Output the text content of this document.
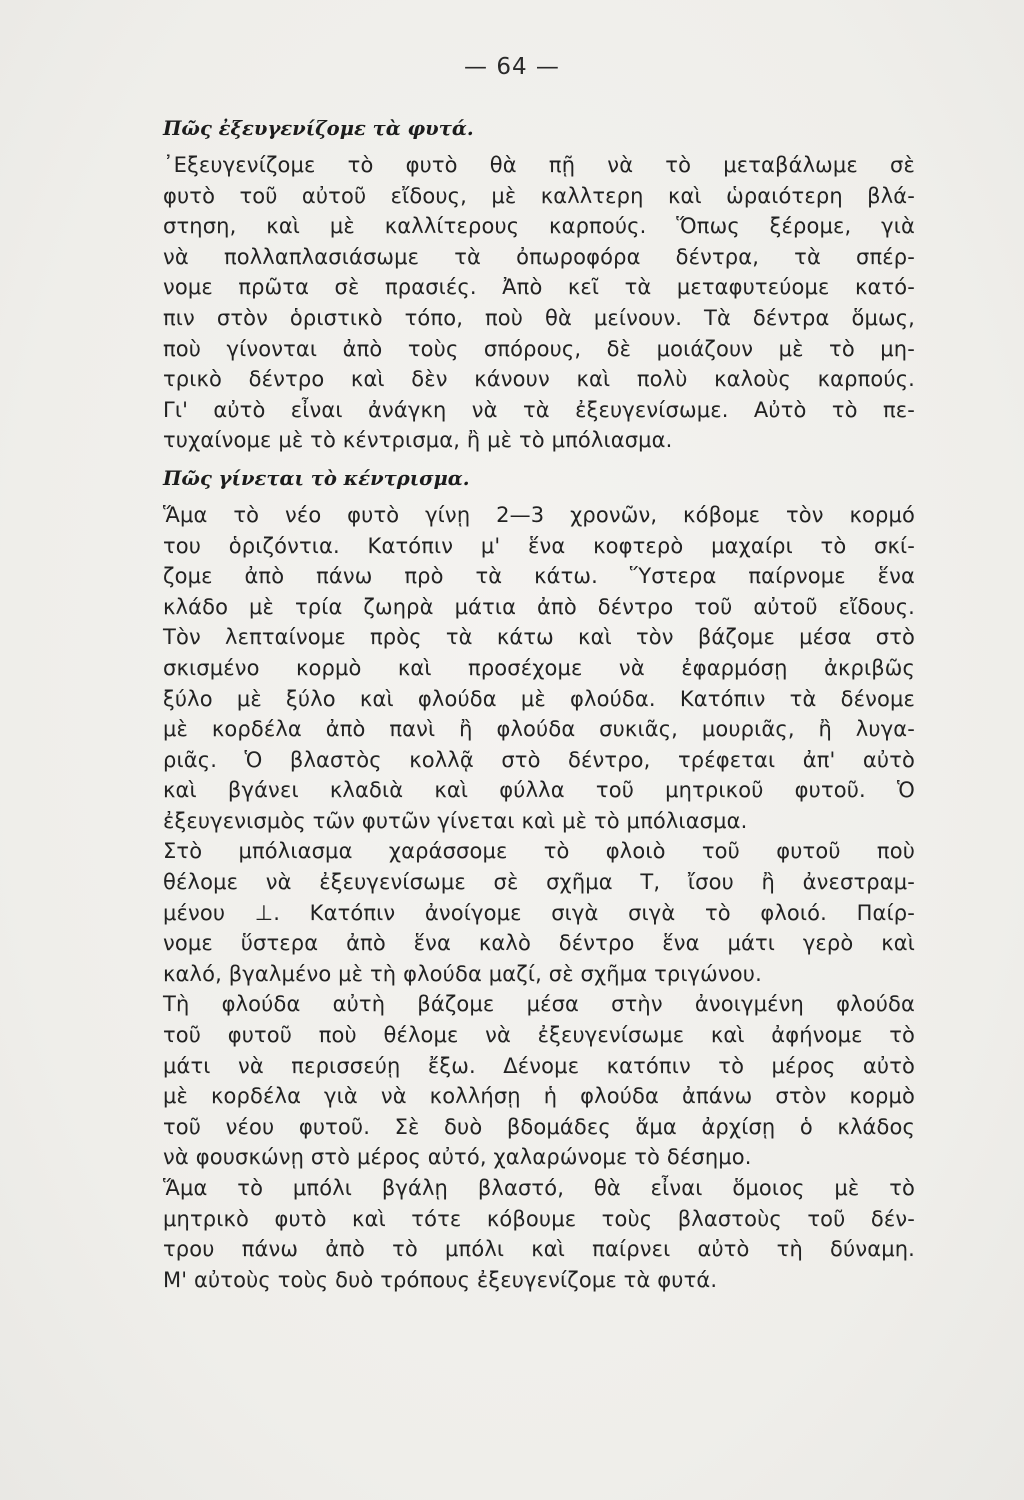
— 64 —
Πῶς ἐξευγενίζομε τὰ φυτά.
᾿Εξευγενίζομε τὸ φυτὸ θὰ πῇ νὰ τὸ μεταβάλωμε σὲ
φυτὸ τοῦ αὐτοῦ εἴδους, μὲ καλλτερη καὶ ὡραιότερη βλά-
στηση, καὶ μὲ καλλίτερους καρπούς. Ὅπως ξέρομε, γιὰ
νὰ πολλαπλασιάσωμε τὰ ὀπωροφόρα δέντρα, τὰ σπέρ-
νομε πρῶτα σὲ πρασιές. Ἀπὸ κεῖ τὰ μεταφυτεύομε κατό-
πιν στὸν ὁριστικὸ τόπο, ποὺ θὰ μείνουν. Τὰ δέντρα ὅμως,
ποὺ γίνονται ἀπὸ τοὺς σπόρους, δὲ μοιάζουν μὲ τὸ μη-
τρικὸ δέντρο καὶ δὲν κάνουν καὶ πολὺ καλοὺς καρπούς.
Γι' αὐτὸ εἶναι ἀνάγκη νὰ τὰ ἐξευγενίσωμε. Αὐτὸ τὸ πε-
τυχαίνομε μὲ τὸ κέντρισμα, ἢ μὲ τὸ μπόλιασμα.
Πῶς γίνεται τὸ κέντρισμα.
Ἅμα τὸ νέο φυτὸ γίνῃ 2—3 χρονῶν, κόβομε τὸν κορμό
του ὁριζόντια. Κατόπιν μ' ἕνα κοφτερὸ μαχαίρι τὸ σκί-
ζομε ἀπὸ πάνω πρὸ τὰ κάτω. Ὕστερα παίρνομε ἕνα
κλάδο μὲ τρία ζωηρὰ μάτια ἀπὸ δέντρο τοῦ αὐτοῦ εἴδους.
Τὸν λεπταίνομε πρὸς τὰ κάτω καὶ τὸν βάζομε μέσα στὸ
σκισμένο κορμὸ καὶ προσέχομε νὰ ἐφαρμόσῃ ἀκριβῶς
ξύλο μὲ ξύλο καὶ φλούδα μὲ φλούδα. Κατόπιν τὰ δένομε
μὲ κορδέλα ἀπὸ πανὶ ἢ φλούδα συκιᾶς, μουριᾶς, ἢ λυγα-
ριᾶς. Ὁ βλαστὸς κολλᾷ στὸ δέντρο, τρέφεται ἀπ' αὐτὸ
καὶ βγάνει κλαδιὰ καὶ φύλλα τοῦ μητρικοῦ φυτοῦ. Ὁ
ἐξευγενισμὸς τῶν φυτῶν γίνεται καὶ μὲ τὸ μπόλιασμα.
Στὸ μπόλιασμα χαράσσομε τὸ φλοιὸ τοῦ φυτοῦ ποὺ
θέλομε νὰ ἐξευγενίσωμε σὲ σχῆμα Τ, ἴσου ἢ ἀνεστραμ-
μένου ⊥. Κατόπιν ἀνοίγομε σιγὰ σιγὰ τὸ φλοιό. Παίρ-
νομε ὕστερα ἀπὸ ἕνα καλὸ δέντρο ἕνα μάτι γερὸ καὶ
καλό, βγαλμένο μὲ τὴ φλούδα μαζί, σὲ σχῆμα τριγώνου.
Τὴ φλούδα αὐτὴ βάζομε μέσα στὴν ἀνοιγμένη φλούδα
τοῦ φυτοῦ ποὺ θέλομε νὰ ἐξευγενίσωμε καὶ ἀφήνομε τὸ
μάτι νὰ περισσεύῃ ἔξω. Δένομε κατόπιν τὸ μέρος αὐτὸ
μὲ κορδέλα γιὰ νὰ κολλήσῃ ἡ φλούδα ἀπάνω στὸν κορμὸ
τοῦ νέου φυτοῦ. Σὲ δυὸ βδομάδες ἅμα ἀρχίσῃ ὁ κλάδος
νὰ φουσκώνῃ στὸ μέρος αὐτό, χαλαρώνομε τὸ δέσημο.
Ἅμα τὸ μπόλι βγάλῃ βλαστό, θὰ εἶναι ὅμοιος μὲ τὸ
μητρικὸ φυτὸ καὶ τότε κόβουμε τοὺς βλαστοὺς τοῦ δέν-
τρου πάνω ἀπὸ τὸ μπόλι καὶ παίρνει αὐτὸ τὴ δύναμη.
Μ' αὐτοὺς τοὺς δυὸ τρόπους ἐξευγενίζομε τὰ φυτά.
